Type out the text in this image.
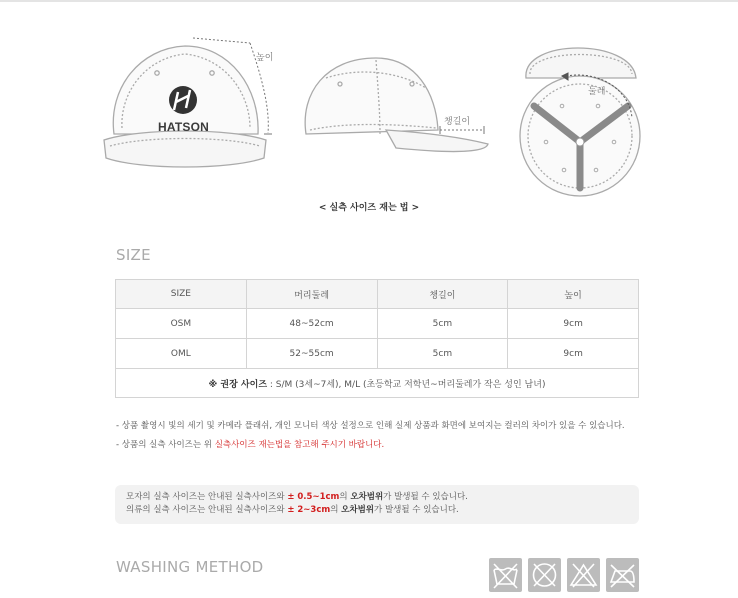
높이
HATSON	챙길이
둘레
< 실측 사이즈 재는 법 >
SIZE
SIZE	머리둘레	챙길이	높이
OSM	48~52cm	5cm	9cm
OML	52~55cm	5cm	9cm
※ 권장 사이즈 : S/M (3세~7세), M/L (초등학교 저학년~머리둘레가 작은 성인 남녀)			
- 상품 촬영시 빛의 세기 및 카메라 플래쉬, 개인 모니터 색상 설정으로 인해 실제 상품과 화면에 보여지는 컬러의 차이가 있을 수 있습니다.
- 상품의 실측 사이즈는 위 실측사이즈 재는법을 참고해 주시기 바랍니다.
모자의 실측 사이즈는 안내된 실측사이즈와 ± 0.5~1cm의 오차범위가 발생될 수 있습니다.
의류의 실측 사이즈는 안내된 실측사이즈와 ± 2~3cm의 오차범위가 발생될 수 있습니다.
WASHING METHOD
